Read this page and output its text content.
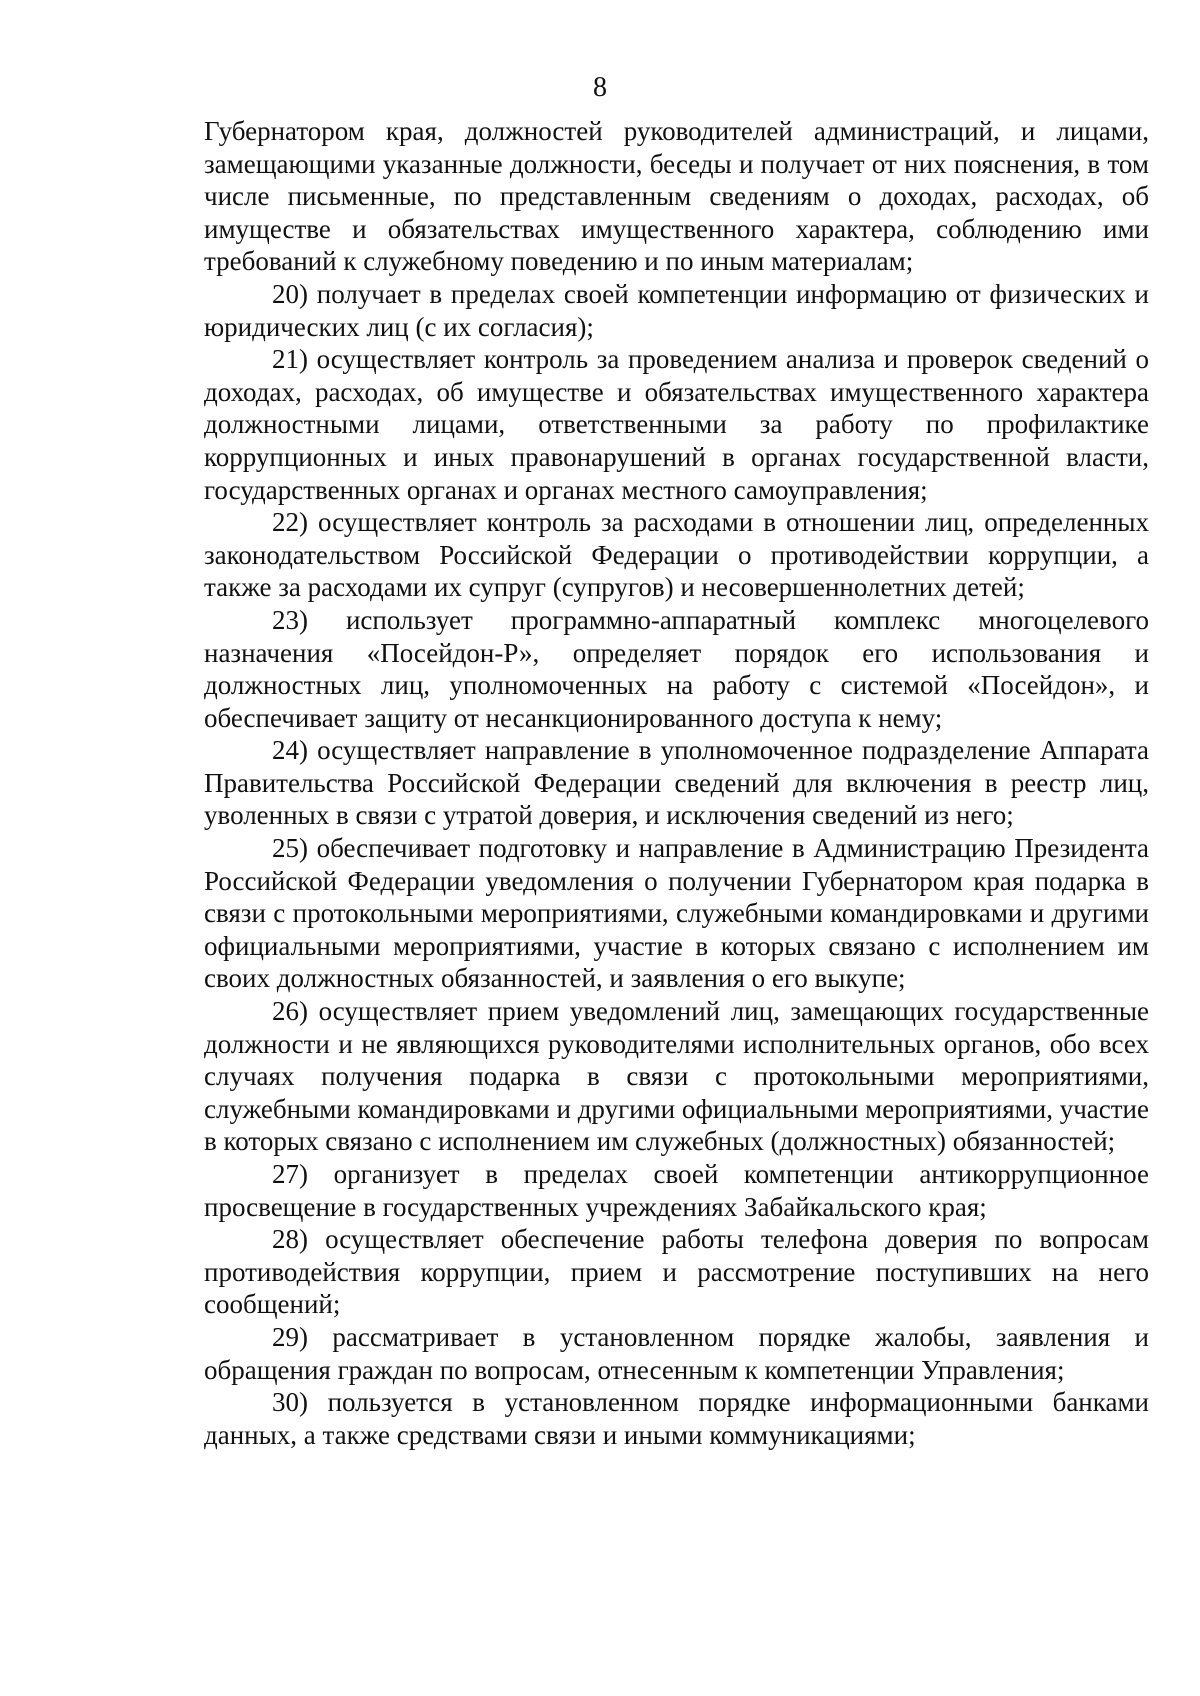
8

Губернатором края, должностей руководителей администраций, и лицами, замещающими указанные должности, беседы и получает от них пояснения, в том числе письменные, по представленным сведениям о доходах, расходах, об имуществе и обязательствах имущественного характера, соблюдению ими требований к служебному поведению и по иным материалам;

20) получает в пределах своей компетенции информацию от физических и юридических лиц (с их согласия);

21) осуществляет контроль за проведением анализа и проверок сведений о доходах, расходах, об имуществе и обязательствах имущественного характера должностными лицами, ответственными за работу по профилактике коррупционных и иных правонарушений в органах государственной власти, государственных органах и органах местного самоуправления;

22) осуществляет контроль за расходами в отношении лиц, определенных законодательством Российской Федерации о противодействии коррупции, а также за расходами их супруг (супругов) и несовершеннолетних детей;

23) использует программно-аппаратный комплекс многоцелевого назначения «Посейдон-Р», определяет порядок его использования и должностных лиц, уполномоченных на работу с системой «Посейдон», и обеспечивает защиту от несанкционированного доступа к нему;

24) осуществляет направление в уполномоченное подразделение Аппарата Правительства Российской Федерации сведений для включения в реестр лиц, уволенных в связи с утратой доверия, и исключения сведений из него;

25) обеспечивает подготовку и направление в Администрацию Президента Российской Федерации уведомления о получении Губернатором края подарка в связи с протокольными мероприятиями, служебными командировками и другими официальными мероприятиями, участие в которых связано с исполнением им своих должностных обязанностей, и заявления о его выкупе;

26) осуществляет прием уведомлений лиц, замещающих государственные должности и не являющихся руководителями исполнительных органов, обо всех случаях получения подарка в связи с протокольными мероприятиями, служебными командировками и другими официальными мероприятиями, участие в которых связано с исполнением им служебных (должностных) обязанностей;

27) организует в пределах своей компетенции антикоррупционное просвещение в государственных учреждениях Забайкальского края;

28) осуществляет обеспечение работы телефона доверия по вопросам противодействия коррупции, прием и рассмотрение поступивших на него сообщений;

29) рассматривает в установленном порядке жалобы, заявления и обращения граждан по вопросам, отнесенным к компетенции Управления;

30) пользуется в установленном порядке информационными банками данных, а также средствами связи и иными коммуникациями;
